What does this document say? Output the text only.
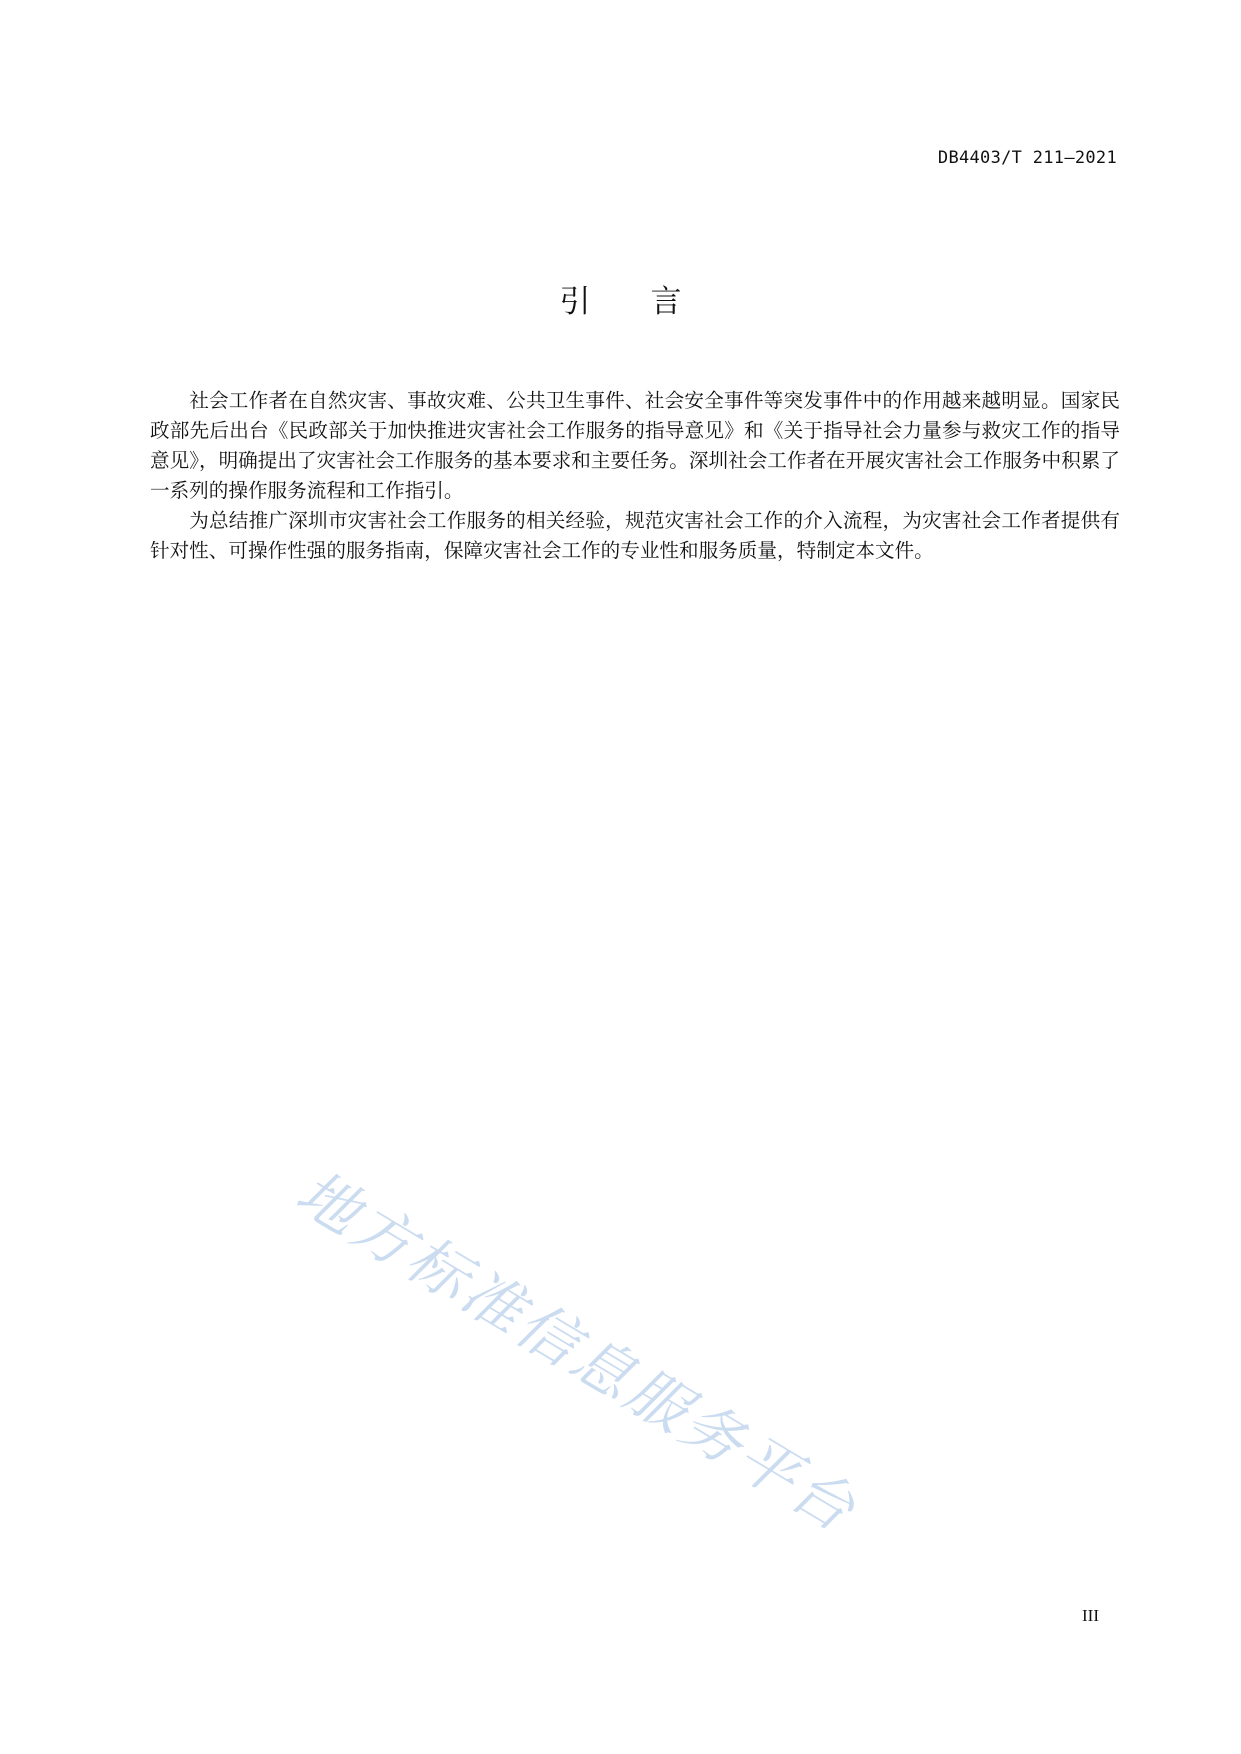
DB4403/T 211—2021
引言

社会工作者在自然灾害、事故灾难、公共卫生事件、社会安全事件等突发事件中的作用越来越明显。国家民政部先后出台《民政部关于加快推进灾害社会工作服务的指导意见》和《关于指导社会力量参与救灾工作的指导意见》，明确提出了灾害社会工作服务的基本要求和主要任务。深圳社会工作者在开展灾害社会工作服务中积累了一系列的操作服务流程和工作指引。

为总结推广深圳市灾害社会工作服务的相关经验，规范灾害社会工作的介入流程，为灾害社会工作者提供有针对性、可操作性强的服务指南，保障灾害社会工作的专业性和服务质量，特制定本文件。

地方标准信息服务平台
III
